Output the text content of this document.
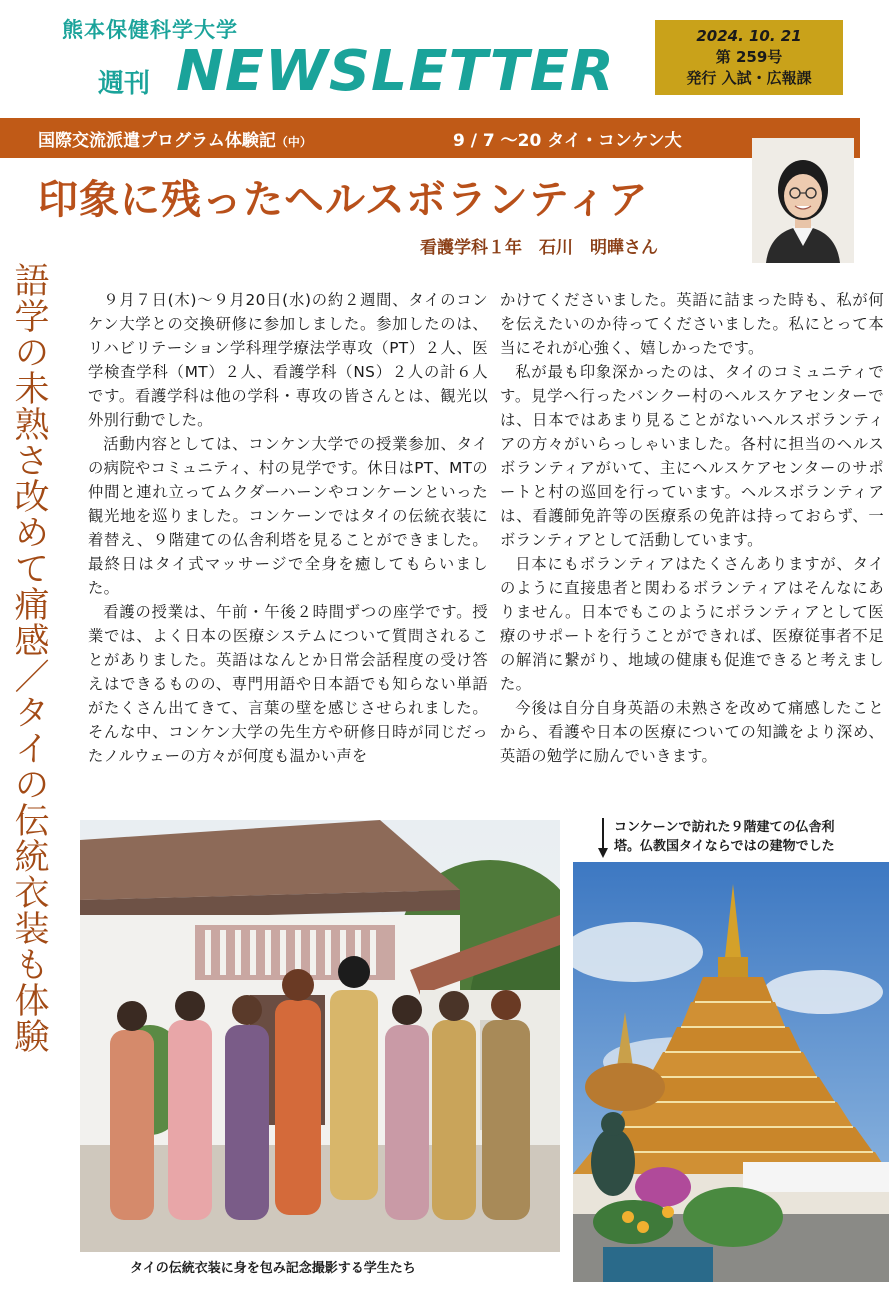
熊本保健科学大学
週刊 NEWSLETTER
2024. 10. 21
第 259号
発行 入試・広報課
国際交流派遣プログラム体験記（中）	9 / 7 ～20 タイ・コンケン大
印象に残ったヘルスボランティア
看護学科１年　石川　明曄さん
語学の未熟さ改めて痛感／タイの伝統衣装も体験	９月７日(木)～９月20日(水)の約２週間、タイのコンケン大学との交換研修に参加しました。参加したのは、リハビリテーション学科理学療法学専攻（PT）２人、医学検査学科（MT）２人、看護学科（NS）２人の計６人です。看護学科は他の学科・専攻の皆さんとは、観光以外別行動でした。

活動内容としては、コンケン大学での授業参加、タイの病院やコミュニティ、村の見学です。休日はPT、MTの仲間と連れ立ってムクダーハーンやコンケーンといった観光地を巡りました。コンケーンではタイの伝統衣装に着替え、９階建ての仏舎利塔を見ることができました。最終日はタイ式マッサージで全身を癒してもらいました。

看護の授業は、午前・午後２時間ずつの座学です。授業では、よく日本の医療システムについて質問されることがありました。英語はなんとか日常会話程度の受け答えはできるものの、専門用語や日本語でも知らない単語がたくさん出てきて、言葉の壁を感じさせられました。そんな中、コンケン大学の先生方や研修日時が同じだったノルウェーの方々が何度も温かい声を

かけてくださいました。英語に詰まった時も、私が何を伝えたいのか待ってくださいました。私にとって本当にそれが心強く、嬉しかったです。

私が最も印象深かったのは、タイのコミュニティです。見学へ行ったバンクー村のヘルスケアセンターでは、日本ではあまり見ることがないヘルスボランティアの方々がいらっしゃいました。各村に担当のヘルスボランティアがいて、主にヘルスケアセンターのサポートと村の巡回を行っています。ヘルスボランティアは、看護師免許等の医療系の免許は持っておらず、一ボランティアとして活動しています。

日本にもボランティアはたくさんありますが、タイのように直接患者と関わるボランティアはそんなにありません。日本でもこのようにボランティアとして医療のサポートを行うことができれば、医療従事者不足の解消に繋がり、地域の健康も促進できると考えました。

今後は自分自身英語の未熟さを改めて痛感したことから、看護や日本の医療についての知識をより深め、英語の勉学に励んでいきます。

タイの伝統衣装に身を包み記念撮影する学生たち
コンケーンで訪れた９階建ての仏舎利
塔。仏教国タイならではの建物でした
